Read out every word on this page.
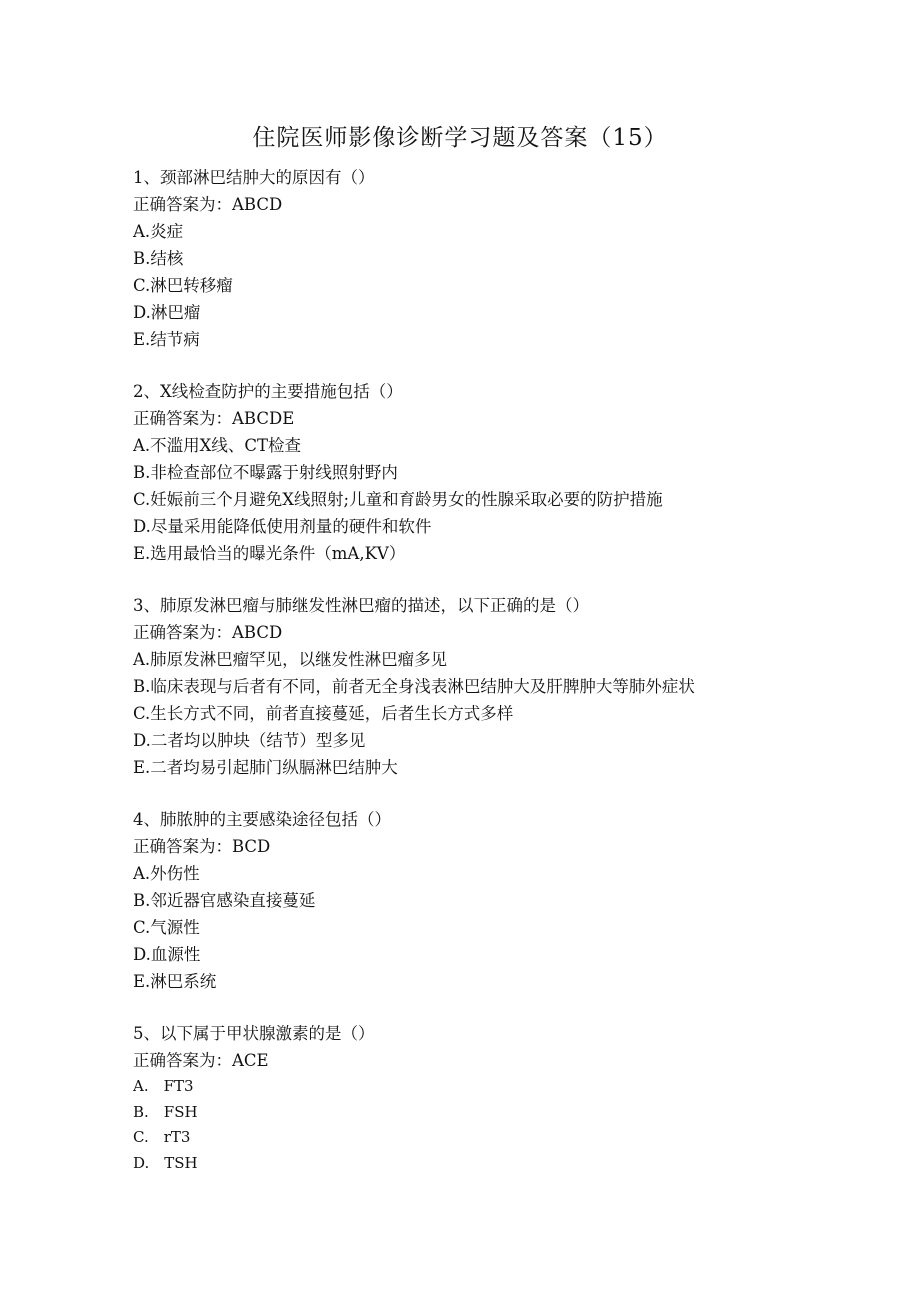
住院医师影像诊断学习题及答案（15）
1、颈部淋巴结肿大的原因有（）
正确答案为：ABCD
A.炎症
B.结核
C.淋巴转移瘤
D.淋巴瘤
E.结节病
2、X线检查防护的主要措施包括（）
正确答案为：ABCDE
A.不滥用X线、CT检查
B.非检查部位不曝露于射线照射野内
C.妊娠前三个月避免X线照射;儿童和育龄男女的性腺采取必要的防护措施
D.尽量采用能降低使用剂量的硬件和软件
E.选用最恰当的曝光条件（mA,KV）
3、肺原发淋巴瘤与肺继发性淋巴瘤的描述，以下正确的是（）
正确答案为：ABCD
A.肺原发淋巴瘤罕见，以继发性淋巴瘤多见
B.临床表现与后者有不同，前者无全身浅表淋巴结肿大及肝脾肿大等肺外症状
C.生长方式不同，前者直接蔓延，后者生长方式多样
D.二者均以肿块（结节）型多见
E.二者均易引起肺门纵膈淋巴结肿大
4、肺脓肿的主要感染途径包括（）
正确答案为：BCD
A.外伤性
B.邻近器官感染直接蔓延
C.气源性
D.血源性
E.淋巴系统
5、以下属于甲状腺激素的是（）
正确答案为：ACE
A.　FT3
B.　FSH
C.　rT3
D.　TSH
